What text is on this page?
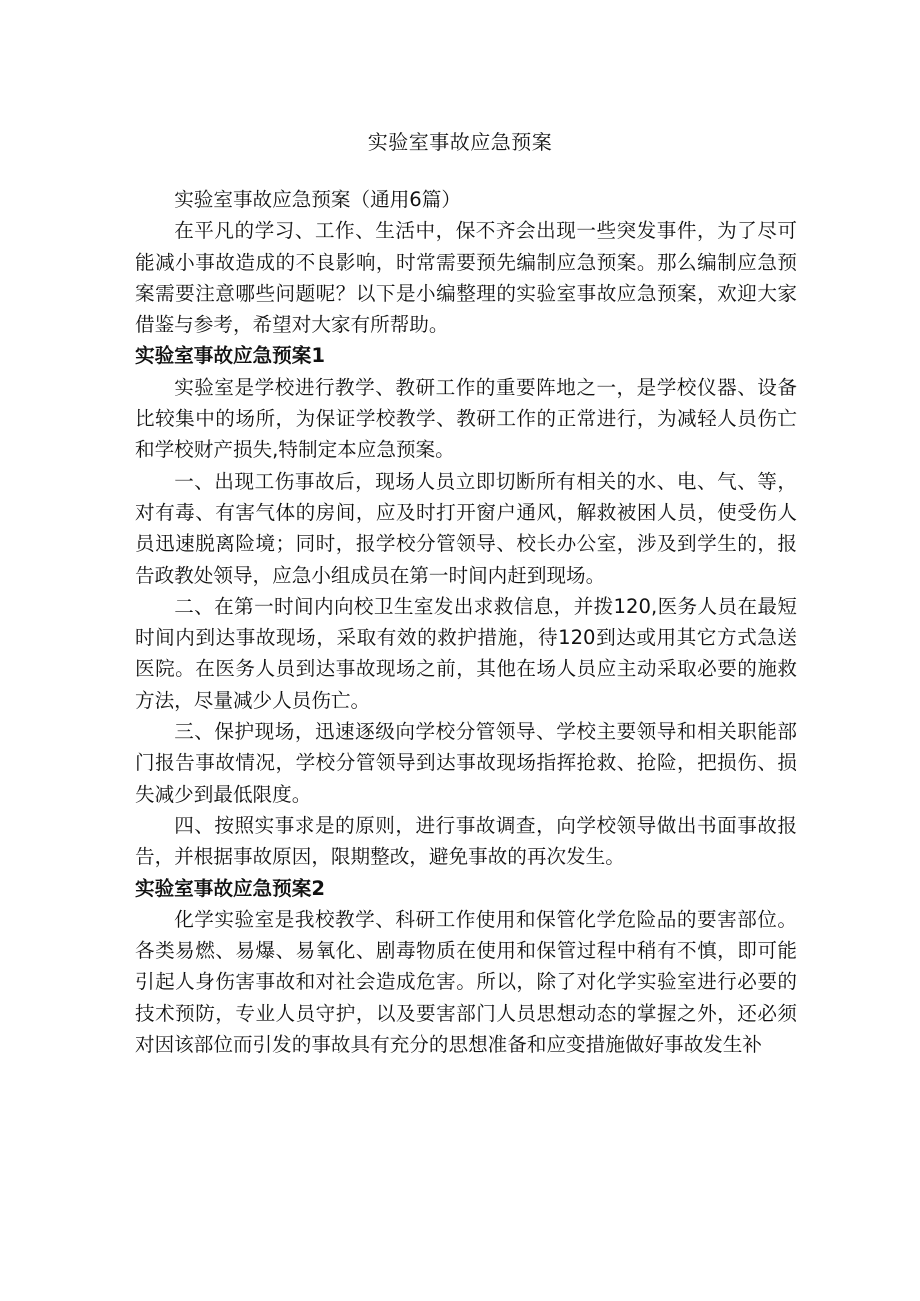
实验室事故应急预案

实验室事故应急预案（通用6篇）

在平凡的学习、工作、生活中，保不齐会出现一些突发事件，为了尽可能减小事故造成的不良影响，时常需要预先编制应急预案。那么编制应急预案需要注意哪些问题呢？以下是小编整理的实验室事故应急预案，欢迎大家借鉴与参考，希望对大家有所帮助。

实验室事故应急预案1

实验室是学校进行教学、教研工作的重要阵地之一，是学校仪器、设备比较集中的场所，为保证学校教学、教研工作的正常进行，为减轻人员伤亡和学校财产损失,特制定本应急预案。

一、出现工伤事故后，现场人员立即切断所有相关的水、电、气、等，对有毒、有害气体的房间，应及时打开窗户通风，解救被困人员，使受伤人员迅速脱离险境；同时，报学校分管领导、校长办公室，涉及到学生的，报告政教处领导，应急小组成员在第一时间内赶到现场。

二、在第一时间内向校卫生室发出求救信息，并拨120,医务人员在最短时间内到达事故现场，采取有效的救护措施，待120到达或用其它方式急送医院。在医务人员到达事故现场之前，其他在场人员应主动采取必要的施救方法，尽量减少人员伤亡。

三、保护现场，迅速逐级向学校分管领导、学校主要领导和相关职能部门报告事故情况，学校分管领导到达事故现场指挥抢救、抢险，把损伤、损失减少到最低限度。

四、按照实事求是的原则，进行事故调查，向学校领导做出书面事故报告，并根据事故原因，限期整改，避免事故的再次发生。

实验室事故应急预案2

化学实验室是我校教学、科研工作使用和保管化学危险品的要害部位。各类易燃、易爆、易氧化、剧毒物质在使用和保管过程中稍有不慎，即可能引起人身伤害事故和对社会造成危害。所以，除了对化学实验室进行必要的技术预防，专业人员守护，以及要害部门人员思想动态的掌握之外，还必须对因该部位而引发的事故具有充分的思想准备和应变措施做好事故发生补
